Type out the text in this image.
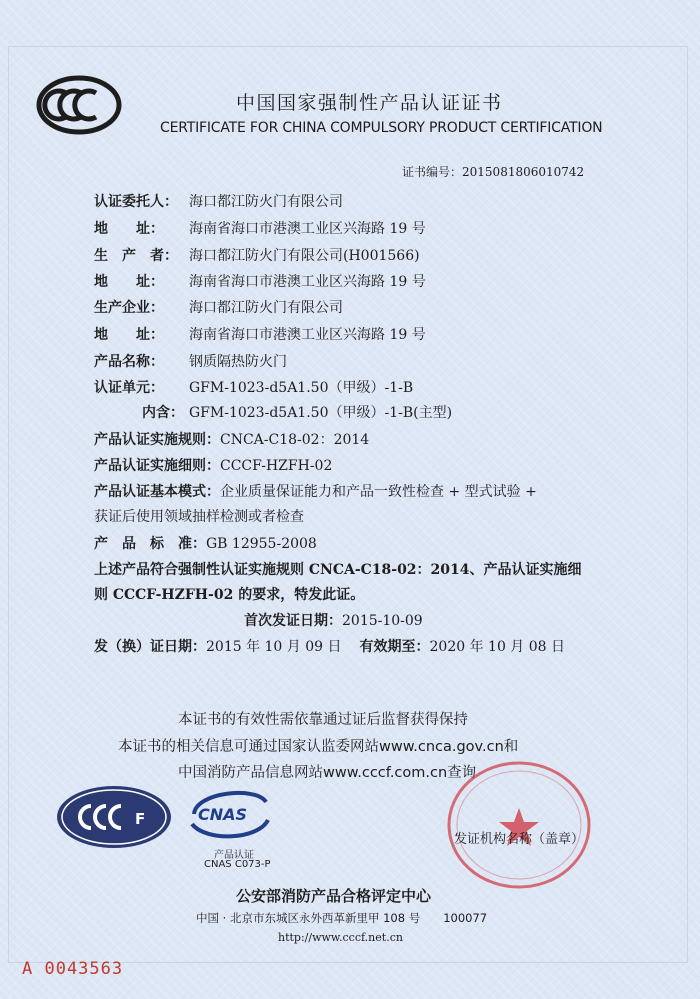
中国国家强制性产品认证证书
CERTIFICATE FOR CHINA COMPULSORY PRODUCT CERTIFICATION
证书编号：2015081806010742
认证委托人： 海口都江防火门有限公司
地　　址： 海南省海口市港澳工业区兴海路 19 号
生　产　者： 海口都江防火门有限公司(H001566)
地　　址： 海南省海口市港澳工业区兴海路 19 号
生产企业： 海口都江防火门有限公司
地　　址： 海南省海口市港澳工业区兴海路 19 号
产品名称： 钢质隔热防火门
认证单元： GFM-1023-d5A1.50（甲级）-1-B
内含： GFM-1023-d5A1.50（甲级）-1-B(主型)
产品认证实施规则：CNCA-C18-02：2014
产品认证实施细则：CCCF-HZFH-02
产品认证基本模式：企业质量保证能力和产品一致性检查 + 型式试验 +
获证后使用领域抽样检测或者检查
产　品　标　准：GB 12955-2008
上述产品符合强制性认证实施规则 CNCA-C18-02：2014、产品认证实施细
则 CCCF-HZFH-02 的要求，特发此证。
首次发证日期：2015-10-09
发（换）证日期：2015 年 10 月 09 日 有效期至：2020 年 10 月 08 日
本证书的有效性需依靠通过证后监督获得保持
本证书的相关信息可通过国家认监委网站www.cnca.gov.cn和
中国消防产品信息网站www.cccf.com.cn查询
F	CNAS
产品认证
CNAS C073-P
发证机构名称（盖章）
公安部消防产品合格评定中心
中国 · 北京市东城区永外西革新里甲 108 号　　100077
http://www.cccf.net.cn
A 0043563
